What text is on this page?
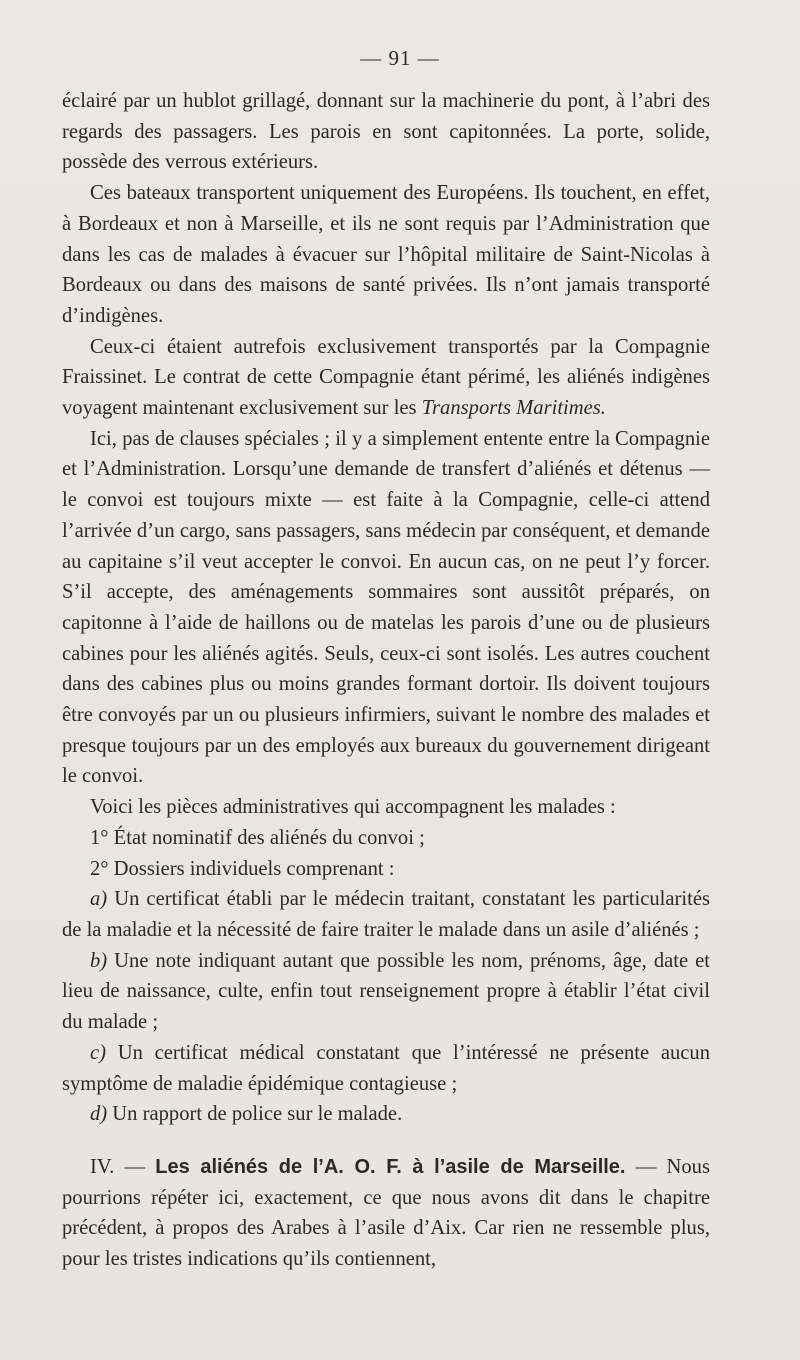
— 91 —

éclairé par un hublot grillagé, donnant sur la machinerie du pont, à l’abri des regards des passagers. Les parois en sont capitonnées. La porte, solide, possède des verrous extérieurs.

Ces bateaux transportent uniquement des Européens. Ils touchent, en effet, à Bordeaux et non à Marseille, et ils ne sont requis par l’Administration que dans les cas de malades à évacuer sur l’hôpital militaire de Saint-Nicolas à Bordeaux ou dans des maisons de santé privées. Ils n’ont jamais transporté d’indigènes.

Ceux-ci étaient autrefois exclusivement transportés par la Compagnie Fraissinet. Le contrat de cette Compagnie étant périmé, les aliénés indigènes voyagent maintenant exclusivement sur les Transports Maritimes.

Ici, pas de clauses spéciales ; il y a simplement entente entre la Compagnie et l’Administration. Lorsqu’une demande de transfert d’aliénés et détenus — le convoi est toujours mixte — est faite à la Compagnie, celle-ci attend l’arrivée d’un cargo, sans passagers, sans médecin par conséquent, et demande au capitaine s’il veut accepter le convoi. En aucun cas, on ne peut l’y forcer. S’il accepte, des aménagements sommaires sont aussitôt préparés, on capitonne à l’aide de haillons ou de matelas les parois d’une ou de plusieurs cabines pour les aliénés agités. Seuls, ceux-ci sont isolés. Les autres couchent dans des cabines plus ou moins grandes formant dortoir. Ils doivent toujours être convoyés par un ou plusieurs infirmiers, suivant le nombre des malades et presque toujours par un des employés aux bureaux du gouvernement dirigeant le convoi.

Voici les pièces administratives qui accompagnent les malades :

1° État nominatif des aliénés du convoi ;

2° Dossiers individuels comprenant :

a) Un certificat établi par le médecin traitant, constatant les particularités de la maladie et la nécessité de faire traiter le malade dans un asile d’aliénés ;

b) Une note indiquant autant que possible les nom, prénoms, âge, date et lieu de naissance, culte, enfin tout renseignement propre à établir l’état civil du malade ;

c) Un certificat médical constatant que l’intéressé ne présente aucun symptôme de maladie épidémique contagieuse ;

d) Un rapport de police sur le malade.

IV. — Les aliénés de l’A. O. F. à l’asile de Marseille. — Nous pourrions répéter ici, exactement, ce que nous avons dit dans le chapitre précédent, à propos des Arabes à l’asile d’Aix. Car rien ne ressemble plus, pour les tristes indications qu’ils contiennent,
